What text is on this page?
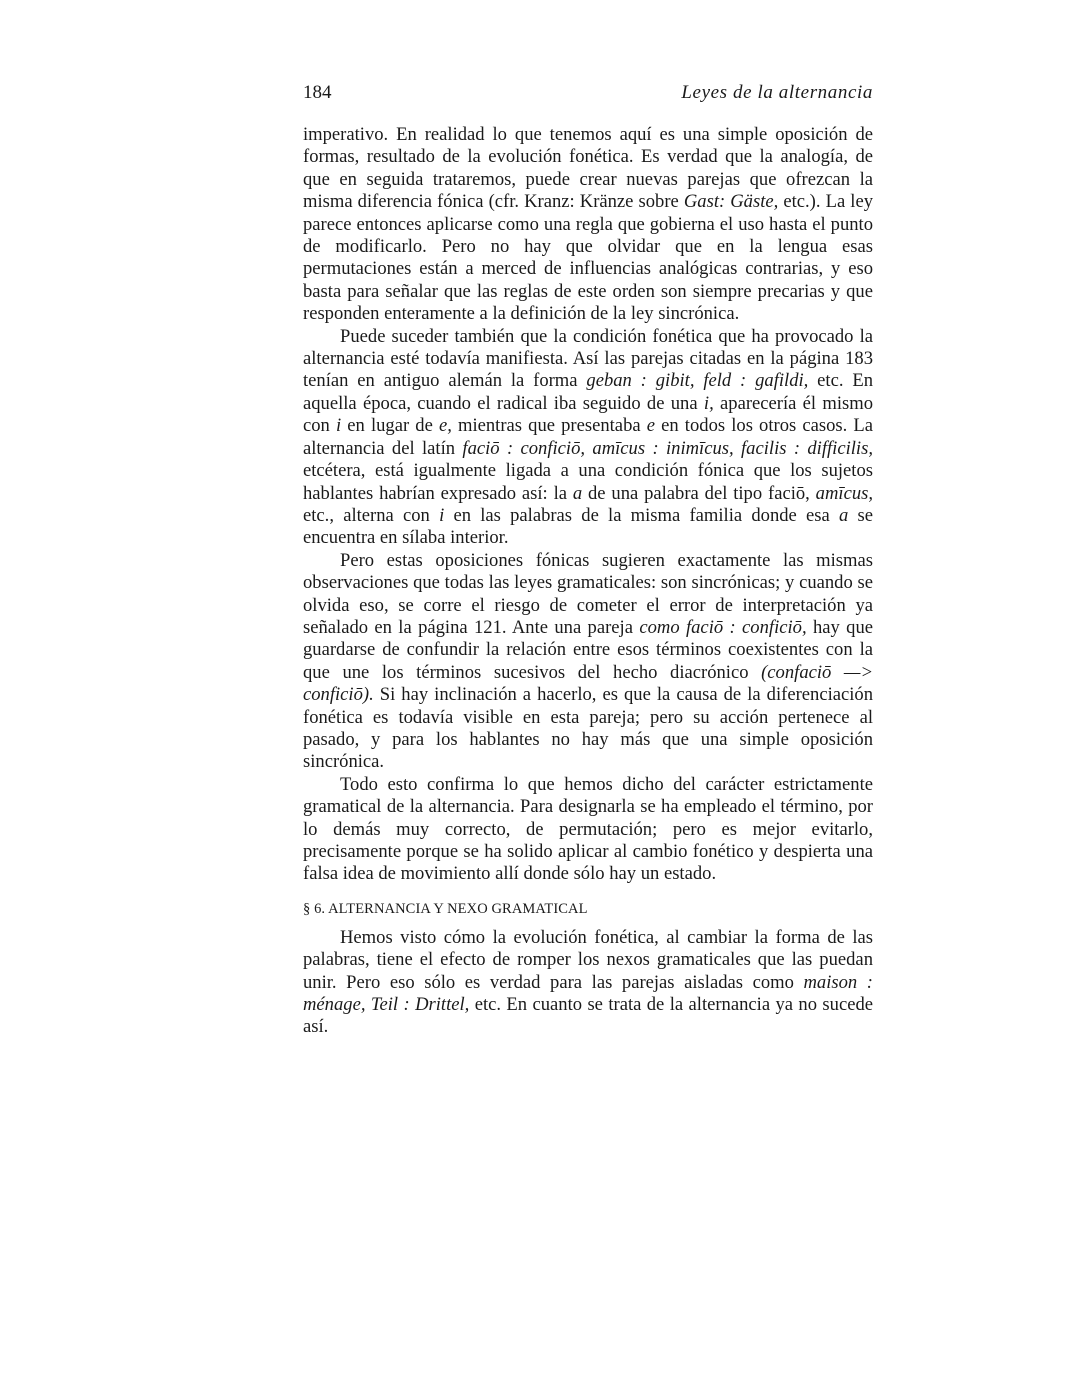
184	Leyes de la alternancia

imperativo. En realidad lo que tenemos aquí es una simple oposición de formas, resultado de la evolución fonética. Es verdad que la analogía, de que en seguida trataremos, puede crear nuevas parejas que ofrezcan la misma diferencia fónica (cfr. Kranz: Kränze sobre Gast: Gäste, etc.). La ley parece entonces aplicarse como una regla que gobierna el uso hasta el punto de modificarlo. Pero no hay que olvidar que en la lengua esas permutaciones están a merced de influencias analógicas contrarias, y eso basta para señalar que las reglas de este orden son siempre precarias y que responden enteramente a la definición de la ley sincrónica.

Puede suceder también que la condición fonética que ha provocado la alternancia esté todavía manifiesta. Así las parejas citadas en la página 183 tenían en antiguo alemán la forma geban : gibit, feld : gafildi, etc. En aquella época, cuando el radical iba seguido de una i, aparecería él mismo con i en lugar de e, mientras que presentaba e en todos los otros casos. La alternancia del latín faciō : conficiō, amīcus : inimīcus, facilis : difficilis, etcétera, está igualmente ligada a una condición fónica que los sujetos hablantes habrían expresado así: la a de una palabra del tipo faciō, amīcus, etc., alterna con i en las palabras de la misma familia donde esa a se encuentra en sílaba interior.

Pero estas oposiciones fónicas sugieren exactamente las mismas observaciones que todas las leyes gramaticales: son sincrónicas; y cuando se olvida eso, se corre el riesgo de cometer el error de interpretación ya señalado en la página 121. Ante una pareja como faciō : conficiō, hay que guardarse de confundir la relación entre esos términos coexistentes con la que une los términos sucesivos del hecho diacrónico (confaciō —> conficiō). Si hay inclinación a hacerlo, es que la causa de la diferenciación fonética es todavía visible en esta pareja; pero su acción pertenece al pasado, y para los hablantes no hay más que una simple oposición sincrónica.

Todo esto confirma lo que hemos dicho del carácter estrictamente gramatical de la alternancia. Para designarla se ha empleado el término, por lo demás muy correcto, de permutación; pero es mejor evitarlo, precisamente porque se ha solido aplicar al cambio fonético y despierta una falsa idea de movimiento allí donde sólo hay un estado.

§ 6. ALTERNANCIA Y NEXO GRAMATICAL

Hemos visto cómo la evolución fonética, al cambiar la forma de las palabras, tiene el efecto de romper los nexos gramaticales que las puedan unir. Pero eso sólo es verdad para las parejas aisladas como maison : ménage, Teil : Drittel, etc. En cuanto se trata de la alternancia ya no sucede así.
